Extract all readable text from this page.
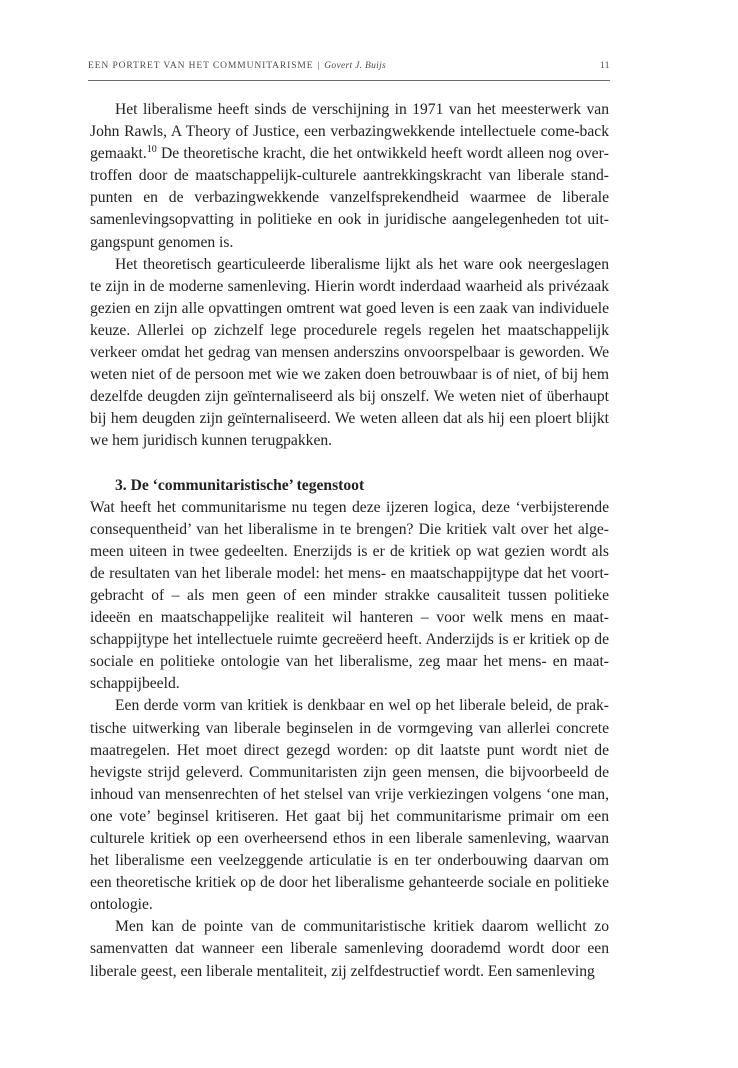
EEN PORTRET VAN HET COMMUNITARISME | Govert J. Buijs	11

Het liberalisme heeft sinds de verschijning in 1971 van het meesterwerk van John Rawls, A Theory of Justice, een verbazingwekkende intellectuele come-back gemaakt.$^{10}$ De theoretische kracht, die het ontwikkeld heeft wordt alleen nog overtroffen door de maatschappelijk-culturele aantrekkingskracht van liberale standpunten en de verbazingwekkende vanzelfsprekendheid waarmee de liberale samenlevingsopvatting in politieke en ook in juridische aangelegenheden tot uitgangspunt genomen is.

Het theoretisch gearticuleerde liberalisme lijkt als het ware ook neergeslagen te zijn in de moderne samenleving. Hierin wordt inderdaad waarheid als privézaak gezien en zijn alle opvattingen omtrent wat goed leven is een zaak van individuele keuze. Allerlei op zichzelf lege procedurele regels regelen het maatschappelijk verkeer omdat het gedrag van mensen anderszins onvoorspelbaar is geworden. We weten niet of de persoon met wie we zaken doen betrouwbaar is of niet, of bij hem dezelfde deugden zijn geïnternaliseerd als bij onszelf. We weten niet of überhaupt bij hem deugden zijn geïnternaliseerd. We weten alleen dat als hij een ploert blijkt we hem juridisch kunnen terugpakken.

3. De ‘communitaristische’ tegenstoot

Wat heeft het communitarisme nu tegen deze ijzeren logica, deze ‘verbijsterende consequentheid’ van het liberalisme in te brengen? Die kritiek valt over het algemeen uiteen in twee gedeelten. Enerzijds is er de kritiek op wat gezien wordt als de resultaten van het liberale model: het mens- en maatschappijtype dat het voortgebracht of – als men geen of een minder strakke causaliteit tussen politieke ideeën en maatschappelijke realiteit wil hanteren – voor welk mens en maatschappijtype het intellectuele ruimte gecreëerd heeft. Anderzijds is er kritiek op de sociale en politieke ontologie van het liberalisme, zeg maar het mens- en maatschappijbeeld.

Een derde vorm van kritiek is denkbaar en wel op het liberale beleid, de praktische uitwerking van liberale beginselen in de vormgeving van allerlei concrete maatregelen. Het moet direct gezegd worden: op dit laatste punt wordt niet de hevigste strijd geleverd. Communitaristen zijn geen mensen, die bijvoorbeeld de inhoud van mensenrechten of het stelsel van vrije verkiezingen volgens ‘one man, one vote’ beginsel kritiseren. Het gaat bij het communitarisme primair om een culturele kritiek op een overheersend ethos in een liberale samenleving, waarvan het liberalisme een veelzeggende articulatie is en ter onderbouwing daarvan om een theoretische kritiek op de door het liberalisme gehanteerde sociale en politieke ontologie.

Men kan de pointe van de communitaristische kritiek daarom wellicht zo samenvatten dat wanneer een liberale samenleving doorademd wordt door een liberale geest, een liberale mentaliteit, zij zelfdestructief wordt. Een samenleving
